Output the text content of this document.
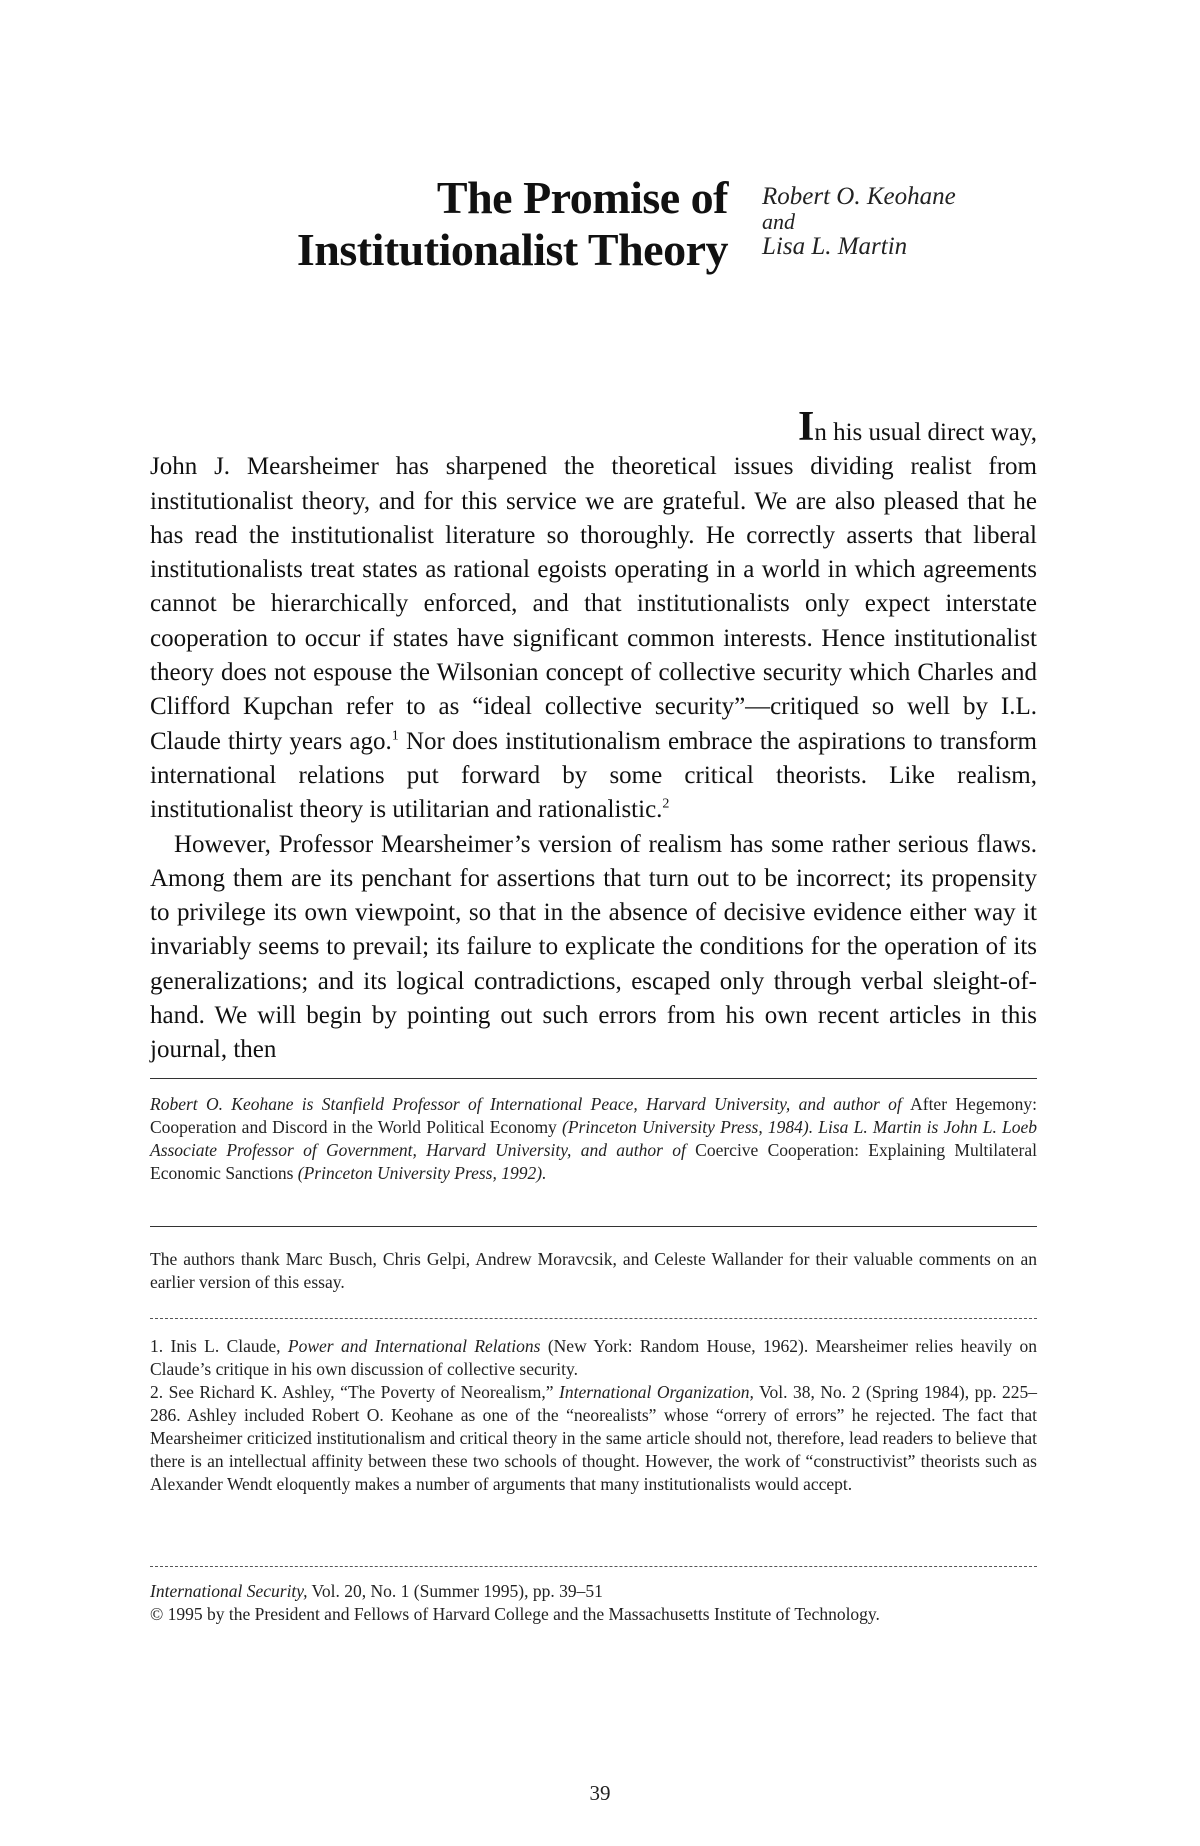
The Promise of
Institutionalist Theory
Robert O. Keohane
and
Lisa L. Martin

In his usual direct way,
John J. Mearsheimer has sharpened the theoretical issues dividing realist from institutionalist theory, and for this service we are grateful. We are also pleased that he has read the institutionalist literature so thoroughly. He correctly asserts that liberal institutionalists treat states as rational egoists operating in a world in which agreements cannot be hierarchically enforced, and that institutionalists only expect interstate cooperation to occur if states have significant common interests. Hence institutionalist theory does not espouse the Wilsonian concept of collective security which Charles and Clifford Kupchan refer to as “ideal collective security”—critiqued so well by I.L. Claude thirty years ago.$^1$ Nor does institutionalism embrace the aspirations to transform international relations put forward by some critical theorists. Like realism, institutionalist theory is utilitarian and rationalistic.$^2$

However, Professor Mearsheimer’s version of realism has some rather serious flaws. Among them are its penchant for assertions that turn out to be incorrect; its propensity to privilege its own viewpoint, so that in the absence of decisive evidence either way it invariably seems to prevail; its failure to explicate the conditions for the operation of its generalizations; and its logical contradictions, escaped only through verbal sleight-of-hand. We will begin by pointing out such errors from his own recent articles in this journal, then

Robert O. Keohane is Stanfield Professor of International Peace, Harvard University, and author of After Hegemony: Cooperation and Discord in the World Political Economy (Princeton University Press, 1984). Lisa L. Martin is John L. Loeb Associate Professor of Government, Harvard University, and author of Coercive Cooperation: Explaining Multilateral Economic Sanctions (Princeton University Press, 1992).

The authors thank Marc Busch, Chris Gelpi, Andrew Moravcsik, and Celeste Wallander for their valuable comments on an earlier version of this essay.

1. Inis L. Claude, Power and International Relations (New York: Random House, 1962). Mearsheimer relies heavily on Claude’s critique in his own discussion of collective security.

2. See Richard K. Ashley, “The Poverty of Neorealism,” International Organization, Vol. 38, No. 2 (Spring 1984), pp. 225–286. Ashley included Robert O. Keohane as one of the “neorealists” whose “orrery of errors” he rejected. The fact that Mearsheimer criticized institutionalism and critical theory in the same article should not, therefore, lead readers to believe that there is an intellectual affinity between these two schools of thought. However, the work of “constructivist” theorists such as Alexander Wendt eloquently makes a number of arguments that many institutionalists would accept.

International Security, Vol. 20, No. 1 (Summer 1995), pp. 39–51

© 1995 by the President and Fellows of Harvard College and the Massachusetts Institute of Technology.

39
